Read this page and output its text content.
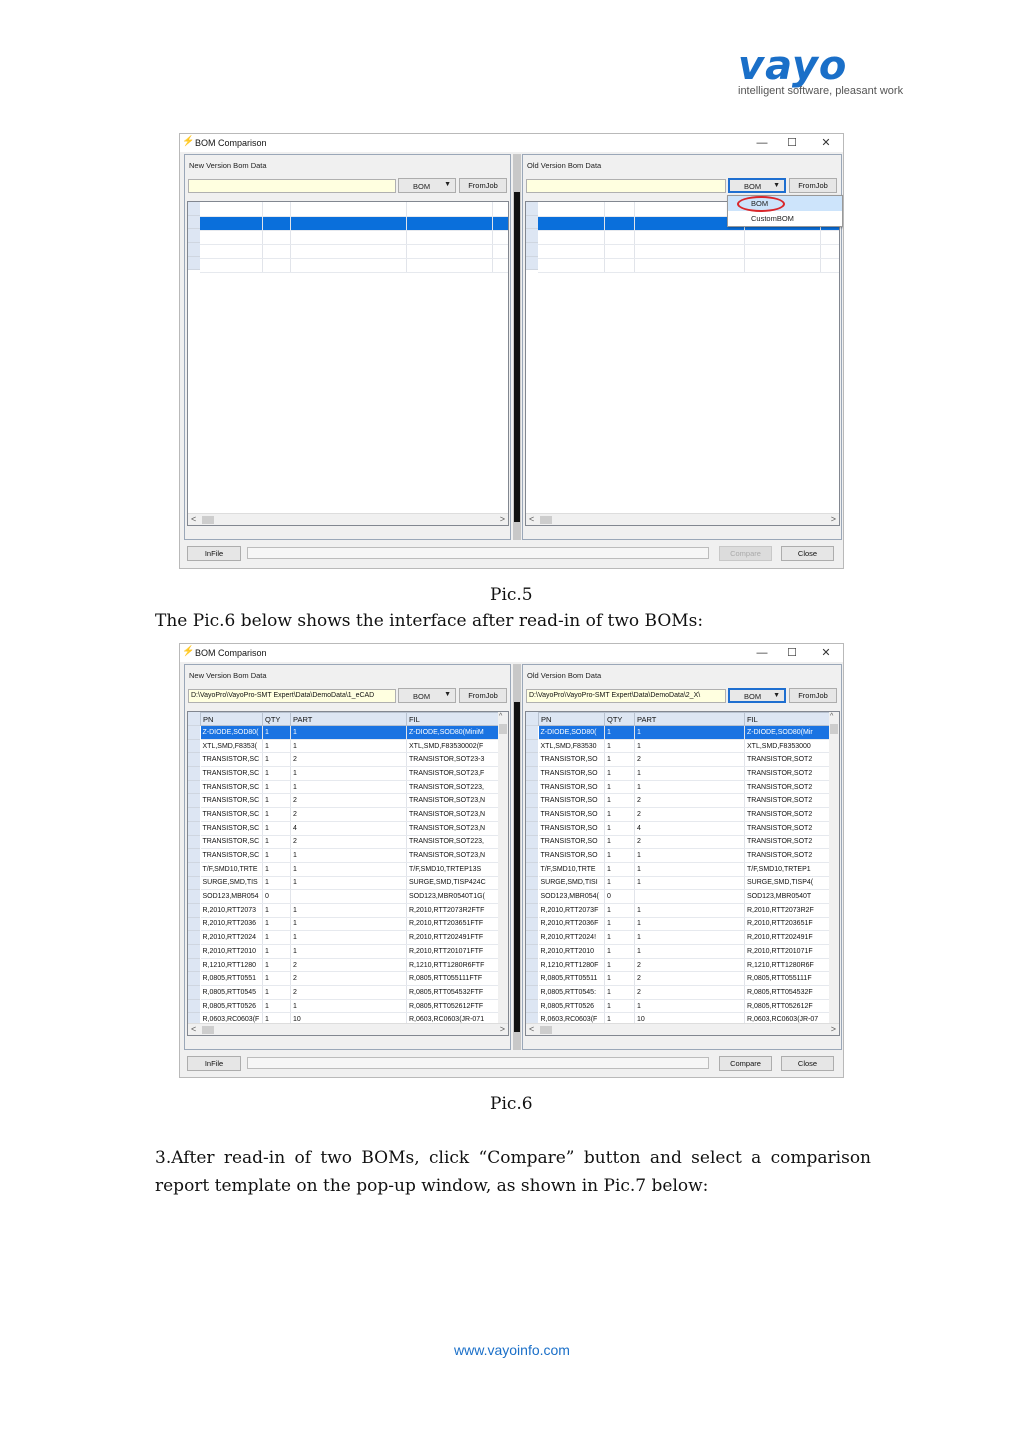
vayo
intelligent software, pleasant work
⚡ BOM Comparison	— ☐	✕
New Version Bom Data
BOM ▼	FromJob

<	>
Old Version Bom Data
BOM ▼	FromJob

<	>
BOM
CustomBOM
InFile	Compare	Close
Pic.5
The Pic.6 below shows the interface after read-in of two BOMs:
⚡ BOM Comparison	— ☐	✕
New Version Bom Data
D:\VayoPro\VayoPro-SMT Expert\Data\DemoData\1_eCAD	BOM ▼	FromJob
PN	QTY	PART	FIL
Z-DIODE,SOD80(	1	1	Z-DIODE,SOD80(MiniM
XTL,SMD,F8353(	1	1	XTL,SMD,F83530002(F
TRANSISTOR,SC	1	2	TRANSISTOR,SOT23-3
TRANSISTOR,SC	1	1	TRANSISTOR,SOT23,F
TRANSISTOR,SC	1	1	TRANSISTOR,SOT223,
TRANSISTOR,SC	1	2	TRANSISTOR,SOT23,N
TRANSISTOR,SC	1	2	TRANSISTOR,SOT23,N
TRANSISTOR,SC	1	4	TRANSISTOR,SOT23,N
TRANSISTOR,SC	1	2	TRANSISTOR,SOT223,
TRANSISTOR,SC	1	1	TRANSISTOR,SOT23,N
T/F,SMD10,TRTE	1	1	T/F,SMD10,TRTEP13S
SURGE,SMD,TIS	1	1	SURGE,SMD,TISP424C
SOD123,MBR054	0		SOD123,MBR0540T1G(
R,2010,RTT2073	1	1	R,2010,RTT2073R2FTF
R,2010,RTT2036	1	1	R,2010,RTT203651FTF
R,2010,RTT2024	1	1	R,2010,RTT202491FTF
R,2010,RTT2010	1	1	R,2010,RTT201071FTF
R,1210,RTT1280	1	2	R,1210,RTT1280R6FTF
R,0805,RTT0551	1	2	R,0805,RTT055111FTF
R,0805,RTT0545	1	2	R,0805,RTT054532FTF
R,0805,RTT0526	1	1	R,0805,RTT052612FTF
R,0603,RC0603(F	1	10	R,0603,RC0603(JR-071

^
<	>
Old Version Bom Data
D:\VayoPro\VayoPro-SMT Expert\Data\DemoData\2_X\	BOM ▼	FromJob
PN	QTY	PART	FIL
Z-DIODE,SOD80(	1	1	Z-DIODE,SOD80(Mir
XTL,SMD,F83530	1	1	XTL,SMD,F8353000
TRANSISTOR,SO	1	2	TRANSISTOR,SOT2
TRANSISTOR,SO	1	1	TRANSISTOR,SOT2
TRANSISTOR,SO	1	1	TRANSISTOR,SOT2
TRANSISTOR,SO	1	2	TRANSISTOR,SOT2
TRANSISTOR,SO	1	2	TRANSISTOR,SOT2
TRANSISTOR,SO	1	4	TRANSISTOR,SOT2
TRANSISTOR,SO	1	2	TRANSISTOR,SOT2
TRANSISTOR,SO	1	1	TRANSISTOR,SOT2
T/F,SMD10,TRTE	1	1	T/F,SMD10,TRTEP1
SURGE,SMD,TISI	1	1	SURGE,SMD,TISP4(
SOD123,MBR054(	0		SOD123,MBR0540T
R,2010,RTT2073F	1	1	R,2010,RTT2073R2F
R,2010,RTT2036F	1	1	R,2010,RTT203651F
R,2010,RTT2024!	1	1	R,2010,RTT202491F
R,2010,RTT2010	1	1	R,2010,RTT201071F
R,1210,RTT1280F	1	2	R,1210,RTT1280R6F
R,0805,RTT05511	1	2	R,0805,RTT055111F
R,0805,RTT0545:	1	2	R,0805,RTT054532F
R,0805,RTT0526	1	1	R,0805,RTT052612F
R,0603,RC0603(F	1	10	R,0603,RC0603(JR-07

^
<	>
InFile	Compare	Close
Pic.6
3.After read-in of two BOMs, click “Compare” button and select a comparison report template on the pop-up window, as shown in Pic.7 below:
www.vayoinfo.com
